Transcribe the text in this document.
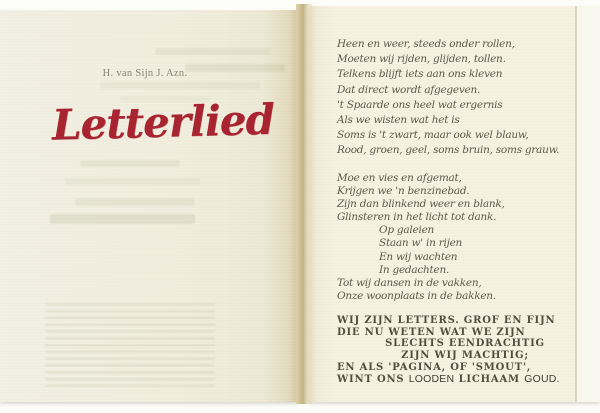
H. van Sijn J. Azn.
Letterlied
Heen en weer, steeds onder rollen,
Moeten wij rijden, glijden, tollen.
Telkens blijft iets aan ons kleven
Dat direct wordt afgegeven.
't Spaarde ons heel wat ergernis
Als we wisten wat het is
Soms is 't zwart, maar ook wel blauw,
Rood, groen, geel, soms bruin, soms grauw.
Moe en vies en afgemat,
Krijgen we 'n benzinebad.
Zijn dan blinkend weer en blank,
Glinsteren in het licht tot dank.
Op galeien
Staan w' in rijen
En wij wachten
In gedachten.
Tot wij dansen in de vakken,
Onze woonplaats in de bakken.
WIJ ZIJN LETTERS. GROF EN FIJN
DIE NU WETEN WAT WE ZIJN
SLECHTS EENDRACHTIG
ZIJN WIJ MACHTIG;
EN ALS 'PAGINA, OF 'SMOUT',
WINT ONS LOODEN LICHAAM GOUD.
